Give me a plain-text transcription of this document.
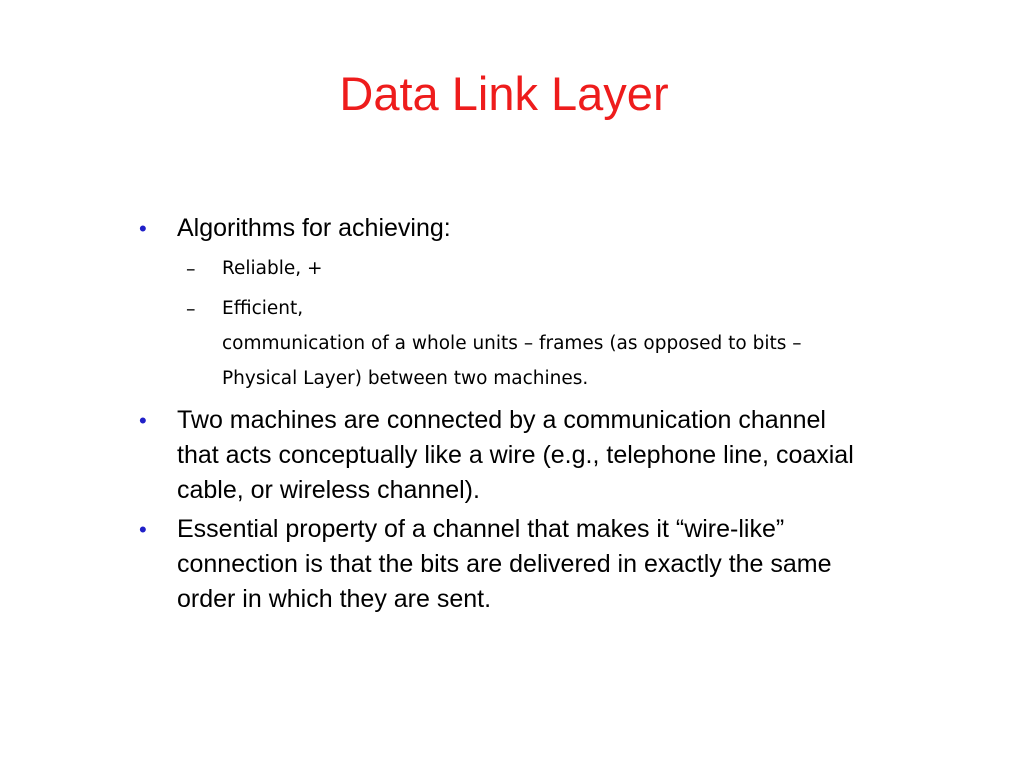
Data Link Layer
• Algorithms for achieving:
– Reliable, +
– Efficient,
communication of a whole units – frames (as opposed to bits –
Physical Layer) between two machines.
• Two machines are connected by a communication channel
that acts conceptually like a wire (e.g., telephone line, coaxial
cable, or wireless channel).
• Essential property of a channel that makes it “wire-like”
connection is that the bits are delivered in exactly the same
order in which they are sent.
